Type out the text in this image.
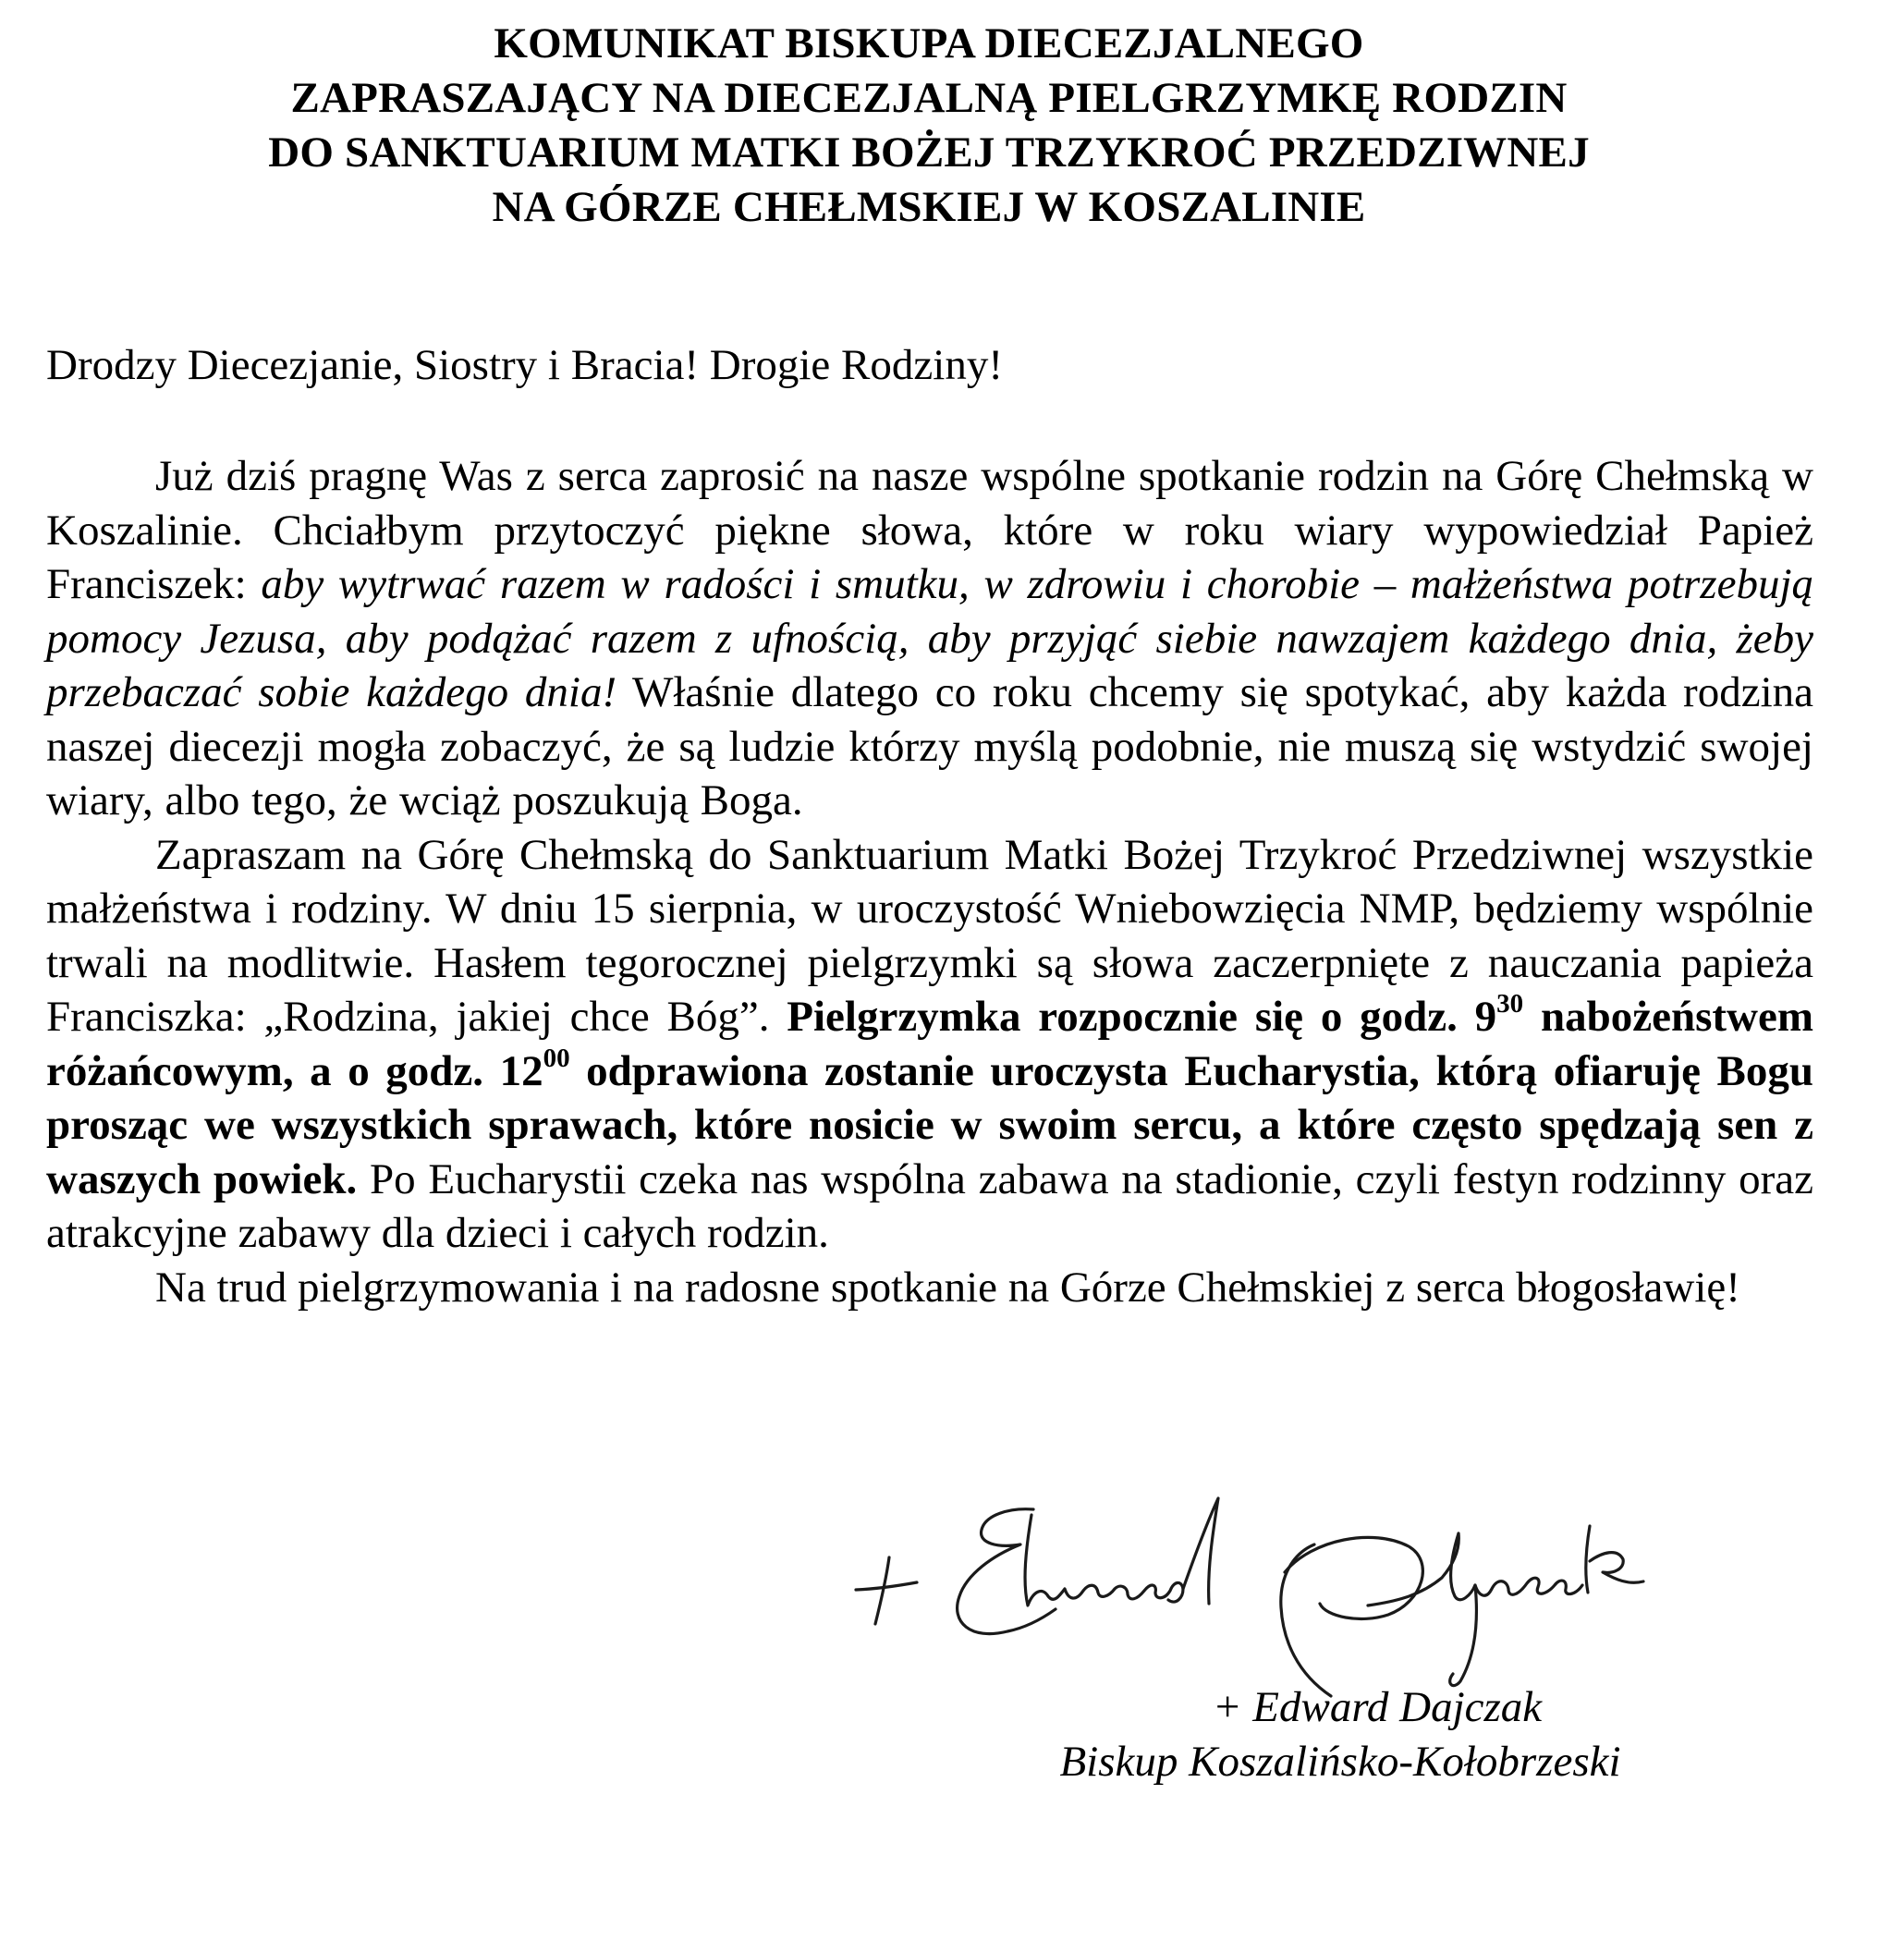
KOMUNIKAT BISKUPA DIECEZJALNEGO
ZAPRASZAJĄCY NA DIECEZJALNĄ PIELGRZYMKĘ RODZIN
DO SANKTUARIUM MATKI BOŻEJ TRZYKROĆ PRZEDZIWNEJ
NA GÓRZE CHEŁMSKIEJ W KOSZALINIE
Drodzy Diecezjanie, Siostry i Bracia! Drogie Rodziny!

Już dziś pragnę Was z serca zaprosić na nasze wspólne spotkanie rodzin na Górę Chełmską w Koszalinie. Chciałbym przytoczyć piękne słowa, które w roku wiary wypowiedział Papież Franciszek: aby wytrwać razem w radości i smutku, w zdrowiu i chorobie – małżeństwa potrzebują pomocy Jezusa, aby podążać razem z ufnością, aby przyjąć siebie nawzajem każdego dnia, żeby przebaczać sobie każdego dnia! Właśnie dlatego co roku chcemy się spotykać, aby każda rodzina naszej diecezji mogła zobaczyć, że są ludzie którzy myślą podobnie, nie muszą się wstydzić swojej wiary, albo tego, że wciąż poszukują Boga.

Zapraszam na Górę Chełmską do Sanktuarium Matki Bożej Trzykroć Przedziwnej wszystkie małżeństwa i rodziny. W dniu 15 sierpnia, w uroczystość Wniebowzięcia NMP, będziemy wspólnie trwali na modlitwie. Hasłem tegorocznej pielgrzymki są słowa zaczerpnięte z nauczania papieża Franciszka: „Rodzina, jakiej chce Bóg”. Pielgrzymka rozpocznie się o godz. $9^{30}$ nabożeństwem różańcowym, a o godz. $12^{00}$ odprawiona zostanie uroczysta Eucharystia, którą ofiaruję Bogu prosząc we wszystkich sprawach, które nosicie w swoim sercu, a które często spędzają sen z waszych powiek. Po Eucharystii czeka nas wspólna zabawa na stadionie, czyli festyn rodzinny oraz atrakcyjne zabawy dla dzieci i całych rodzin.

Na trud pielgrzymowania i na radosne spotkanie na Górze Chełmskiej z serca błogosławię!

+ Edward Dajczak
Biskup Koszalińsko-Kołobrzeski
